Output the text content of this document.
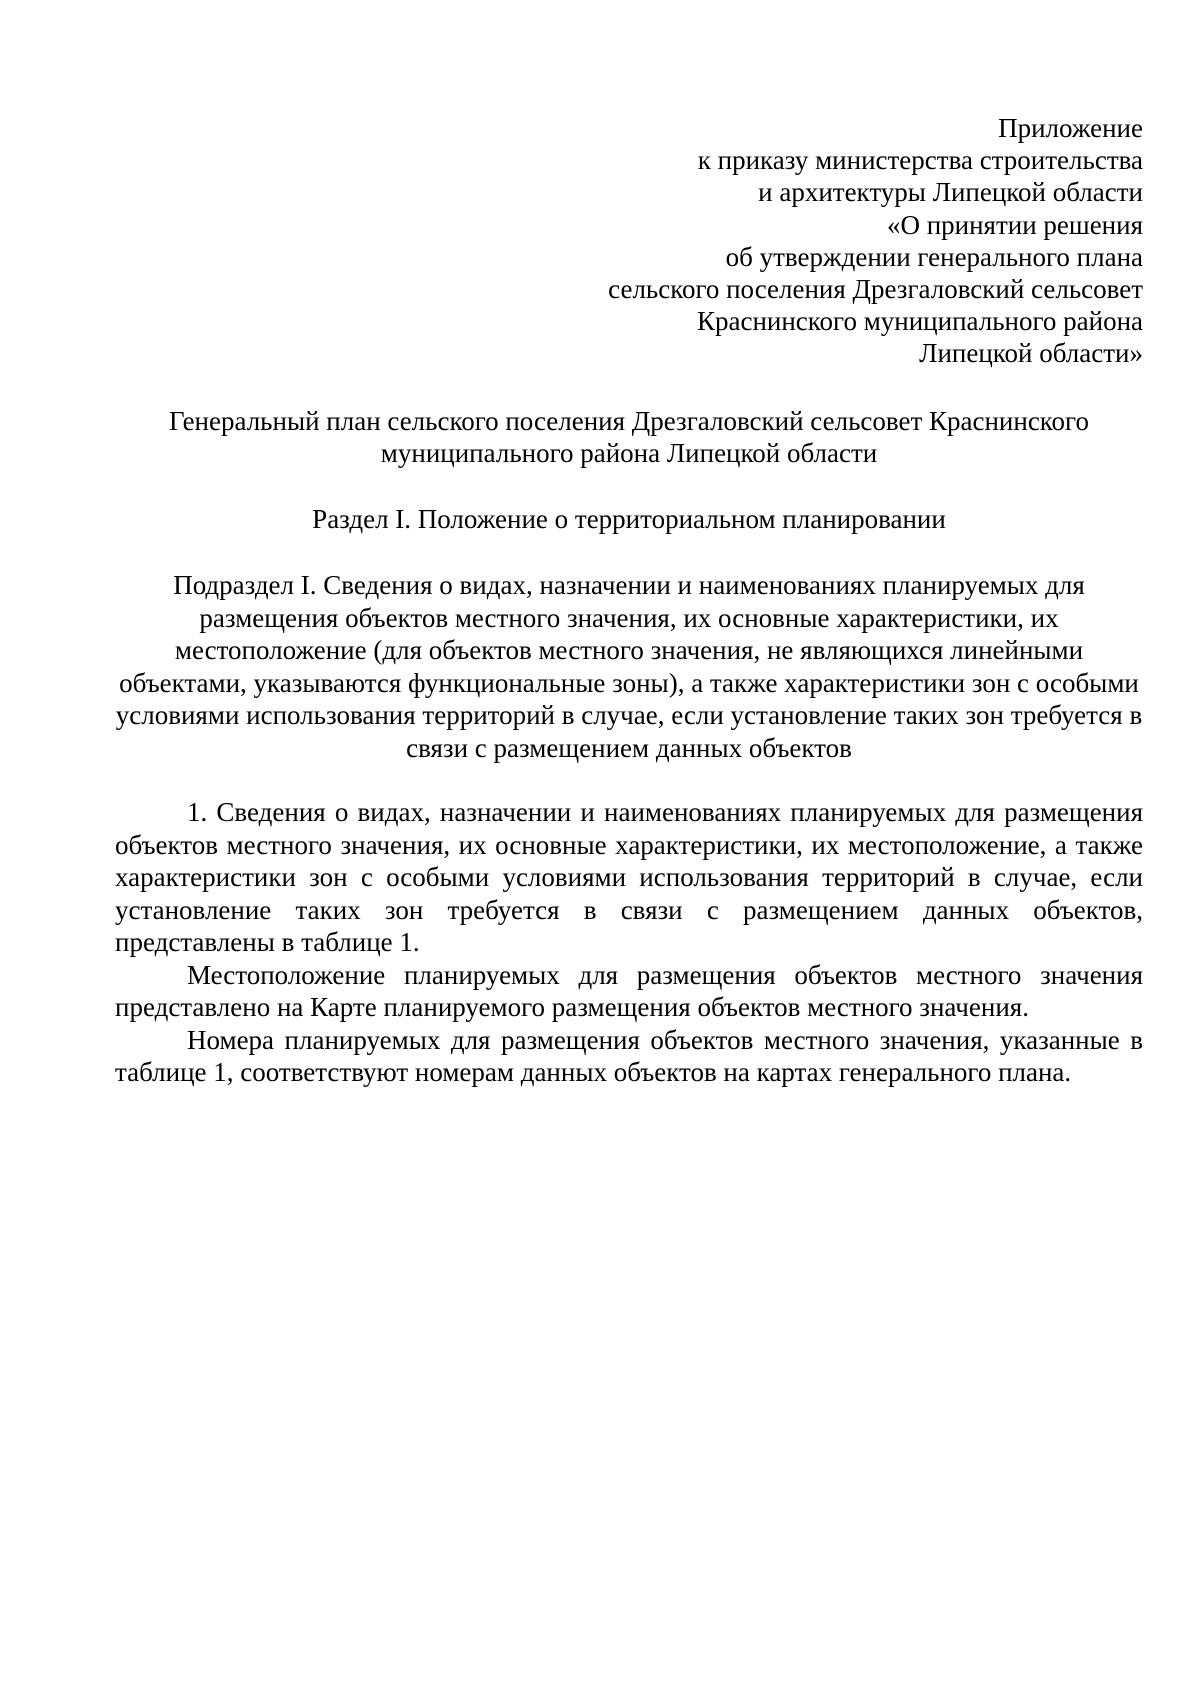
Приложение
к приказу министерства строительства
и архитектуры Липецкой области
«О принятии решения
об утверждении генерального плана
сельского поселения Дрезгаловский сельсовет
Краснинского муниципального района
Липецкой области»
Генеральный план сельского поселения Дрезгаловский сельсовет Краснинского муниципального района Липецкой области
Раздел I. Положение о территориальном планировании
Подраздел I. Сведения о видах, назначении и наименованиях планируемых для размещения объектов местного значения, их основные характеристики, их местоположение (для объектов местного значения, не являющихся линейными объектами, указываются функциональные зоны), а также характеристики зон с особыми условиями использования территорий в случае, если установление таких зон требуется в связи с размещением данных объектов

1. Сведения о видах, назначении и наименованиях планируемых для размещения объектов местного значения, их основные характеристики, их местоположение, а также характеристики зон с особыми условиями использования территорий в случае, если установление таких зон требуется в связи с размещением данных объектов, представлены в таблице 1.

Местоположение планируемых для размещения объектов местного значения представлено на Карте планируемого размещения объектов местного значения.

Номера планируемых для размещения объектов местного значения, указанные в таблице 1, соответствуют номерам данных объектов на картах генерального плана.
